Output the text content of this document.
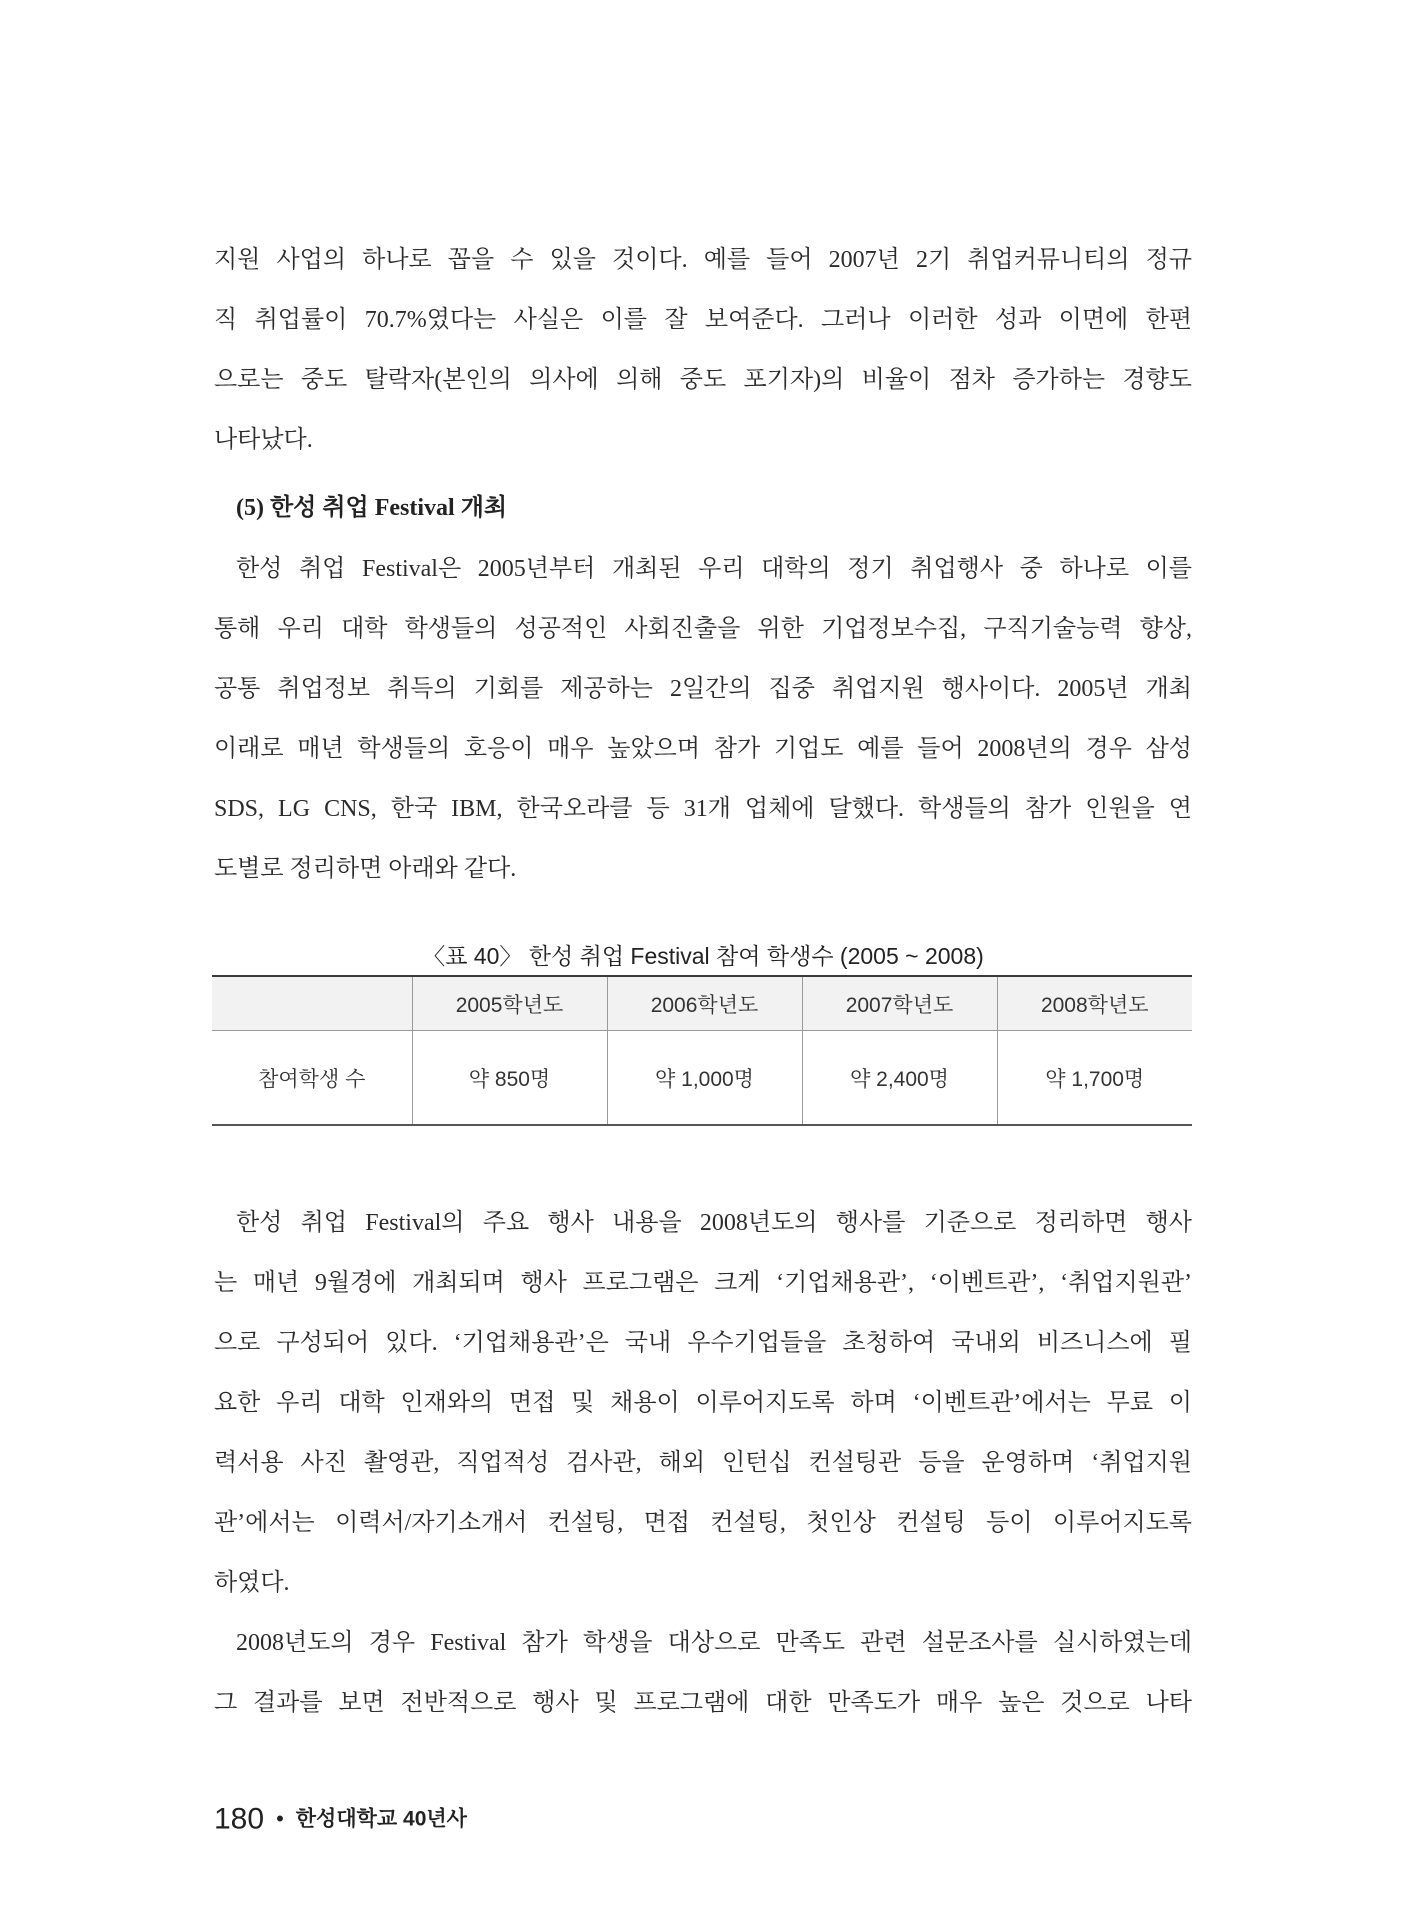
지원 사업의 하나로 꼽을 수 있을 것이다. 예를 들어 2007년 2기 취업커뮤니티의 정규
직 취업률이 70.7%였다는 사실은 이를 잘 보여준다. 그러나 이러한 성과 이면에 한편
으로는 중도 탈락자(본인의 의사에 의해 중도 포기자)의 비율이 점차 증가하는 경향도
나타났다.
(5) 한성 취업 Festival 개최
한성 취업 Festival은 2005년부터 개최된 우리 대학의 정기 취업행사 중 하나로 이를
통해 우리 대학 학생들의 성공적인 사회진출을 위한 기업정보수집, 구직기술능력 향상,
공통 취업정보 취득의 기회를 제공하는 2일간의 집중 취업지원 행사이다. 2005년 개최
이래로 매년 학생들의 호응이 매우 높았으며 참가 기업도 예를 들어 2008년의 경우 삼성
SDS, LG CNS, 한국 IBM, 한국오라클 등 31개 업체에 달했다. 학생들의 참가 인원을 연
도별로 정리하면 아래와 같다.
〈표 40〉 한성 취업 Festival 참여 학생수 (2005 ~ 2008)
	2005학년도	2006학년도	2007학년도	2008학년도
참여학생 수	약 850명	약 1,000명	약 2,400명	약 1,700명
한성 취업 Festival의 주요 행사 내용을 2008년도의 행사를 기준으로 정리하면 행사
는 매년 9월경에 개최되며 행사 프로그램은 크게 ‘기업채용관’, ‘이벤트관’, ‘취업지원관’
으로 구성되어 있다. ‘기업채용관’은 국내 우수기업들을 초청하여 국내외 비즈니스에 필
요한 우리 대학 인재와의 면접 및 채용이 이루어지도록 하며 ‘이벤트관’에서는 무료 이
력서용 사진 촬영관, 직업적성 검사관, 해외 인턴십 컨설팅관 등을 운영하며 ‘취업지원
관’에서는 이력서/자기소개서 컨설팅, 면접 컨설팅, 첫인상 컨설팅 등이 이루어지도록
하였다.
2008년도의 경우 Festival 참가 학생을 대상으로 만족도 관련 설문조사를 실시하였는데
그 결과를 보면 전반적으로 행사 및 프로그램에 대한 만족도가 매우 높은 것으로 나타
180 • 한성대학교 40년사
